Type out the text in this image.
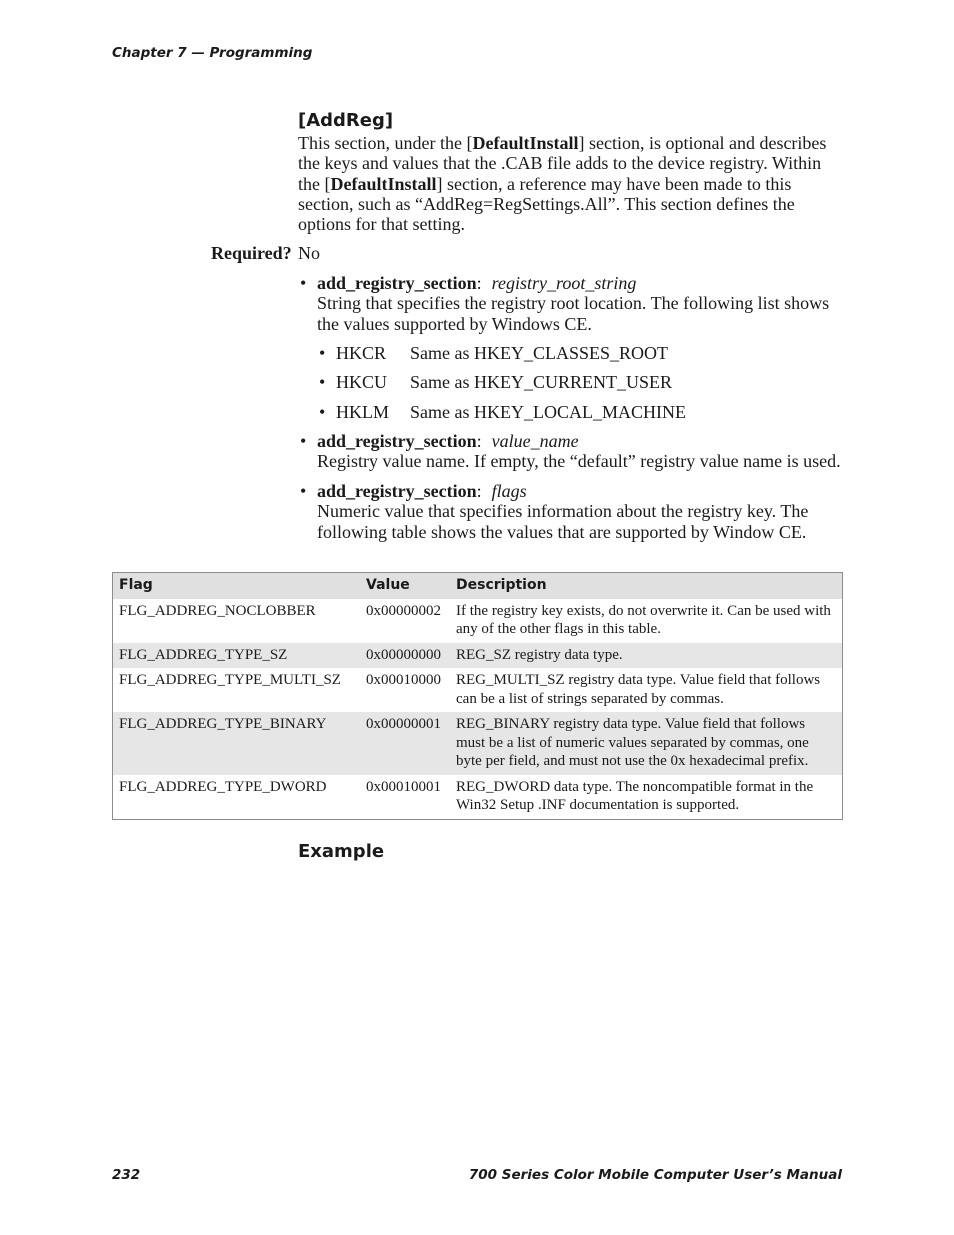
Chapter 7 — Programming
[AddReg]
This section, under the [DefaultInstall] section, is optional and describes the keys and values that the .CAB file adds to the device registry. Within the [DefaultInstall] section, a reference may have been made to this section, such as “AddReg=RegSettings.All”. This section defines the options for that setting.
Required? No
• add_registry_section: registry_root_string
String that specifies the registry root location. The following list shows the values supported by Windows CE.
• HKCR Same as HKEY_CLASSES_ROOT
• HKCU Same as HKEY_CURRENT_USER
• HKLM Same as HKEY_LOCAL_MACHINE
• add_registry_section: value_name
Registry value name. If empty, the “default” registry value name is used.
• add_registry_section: flags
Numeric value that specifies information about the registry key. The following table shows the values that are supported by Window CE.
Flag	Value	Description
FLG_ADDREG_NOCLOBBER	0x00000002	If the registry key exists, do not overwrite it. Can be used with any of the other flags in this table.
FLG_ADDREG_TYPE_SZ	0x00000000	REG_SZ registry data type.
FLG_ADDREG_TYPE_MULTI_SZ	0x00010000	REG_MULTI_SZ registry data type. Value field that follows can be a list of strings separated by commas.
FLG_ADDREG_TYPE_BINARY	0x00000001	REG_BINARY registry data type. Value field that follows must be a list of numeric values separated by commas, one byte per field, and must not use the 0x hexadecimal prefix.
FLG_ADDREG_TYPE_DWORD	0x00010001	REG_DWORD data type. The noncompatible format in the Win32 Setup .INF documentation is supported.
Example
232	700 Series Color Mobile Computer User’s Manual
